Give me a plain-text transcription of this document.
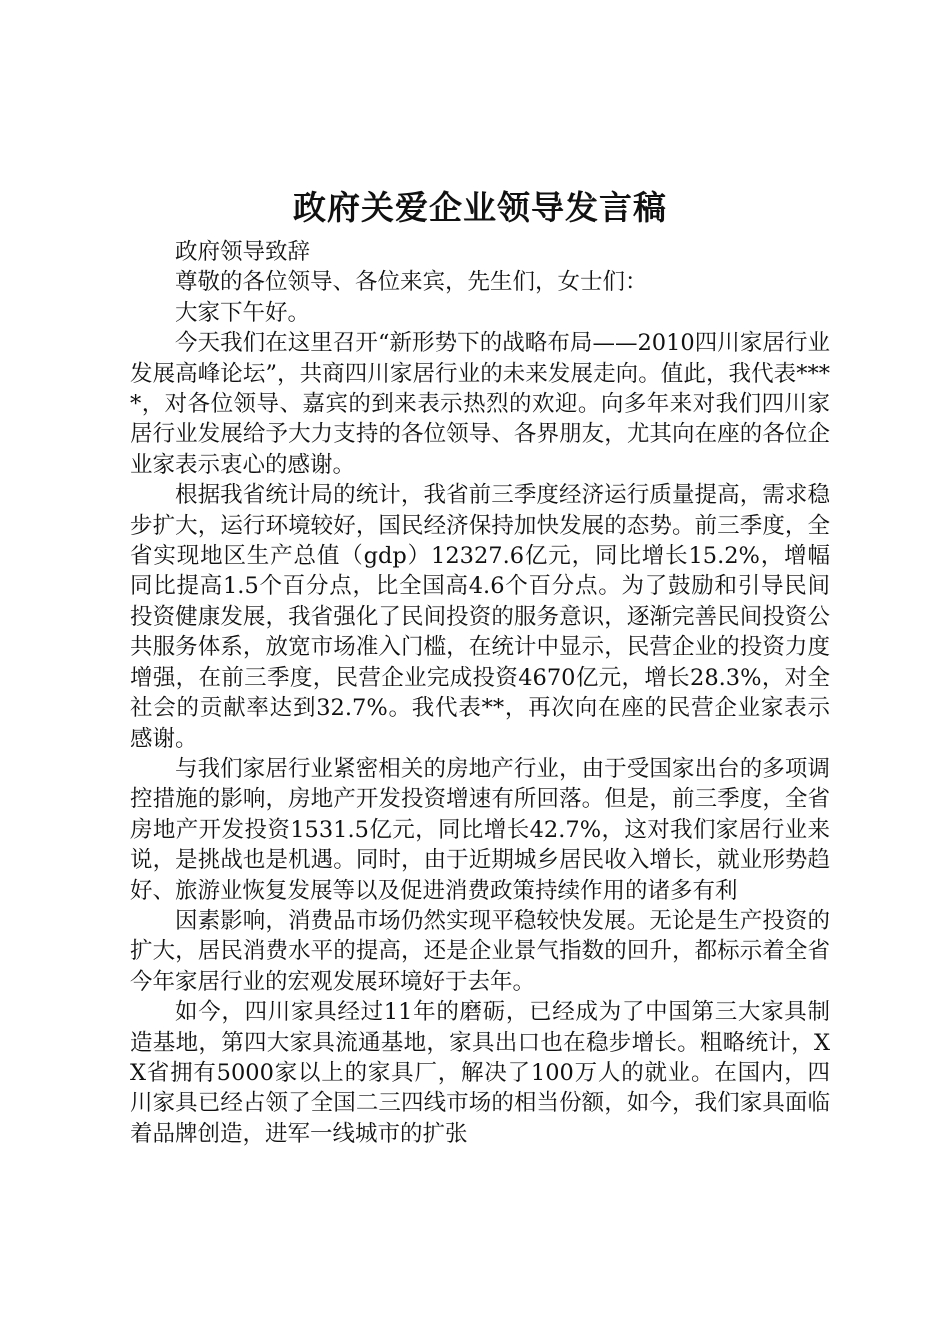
政府关爱企业领导发言稿

政府领导致辞

尊敬的各位领导、各位来宾，先生们，女士们：

大家下午好。

今天我们在这里召开“新形势下的战略布局——2010四川家居行业发展高峰论坛”，共商四川家居行业的未来发展走向。值此，我代表****，对各位领导、嘉宾的到来表示热烈的欢迎。向多年来对我们四川家居行业发展给予大力支持的各位领导、各界朋友，尤其向在座的各位企业家表示衷心的感谢。

根据我省统计局的统计，我省前三季度经济运行质量提高，需求稳步扩大，运行环境较好，国民经济保持加快发展的态势。前三季度，全省实现地区生产总值（gdp）12327.6亿元，同比增长15.2%，增幅同比提高1.5个百分点，比全国高4.6个百分点。为了鼓励和引导民间投资健康发展，我省强化了民间投资的服务意识，逐渐完善民间投资公共服务体系，放宽市场准入门槛，在统计中显示，民营企业的投资力度增强，在前三季度，民营企业完成投资4670亿元，增长28.3%，对全社会的贡献率达到32.7%。我代表**，再次向在座的民营企业家表示感谢。

与我们家居行业紧密相关的房地产行业，由于受国家出台的多项调控措施的影响，房地产开发投资增速有所回落。但是，前三季度，全省房地产开发投资1531.5亿元，同比增长42.7%，这对我们家居行业来说，是挑战也是机遇。同时，由于近期城乡居民收入增长，就业形势趋好、旅游业恢复发展等以及促进消费政策持续作用的诸多有利

因素影响，消费品市场仍然实现平稳较快发展。无论是生产投资的扩大，居民消费水平的提高，还是企业景气指数的回升，都标示着全省今年家居行业的宏观发展环境好于去年。

如今，四川家具经过11年的磨砺，已经成为了中国第三大家具制造基地，第四大家具流通基地，家具出口也在稳步增长。粗略统计，XX省拥有5000家以上的家具厂，解决了100万人的就业。在国内，四川家具已经占领了全国二三四线市场的相当份额，如今，我们家具面临着品牌创造，进军一线城市的扩张
